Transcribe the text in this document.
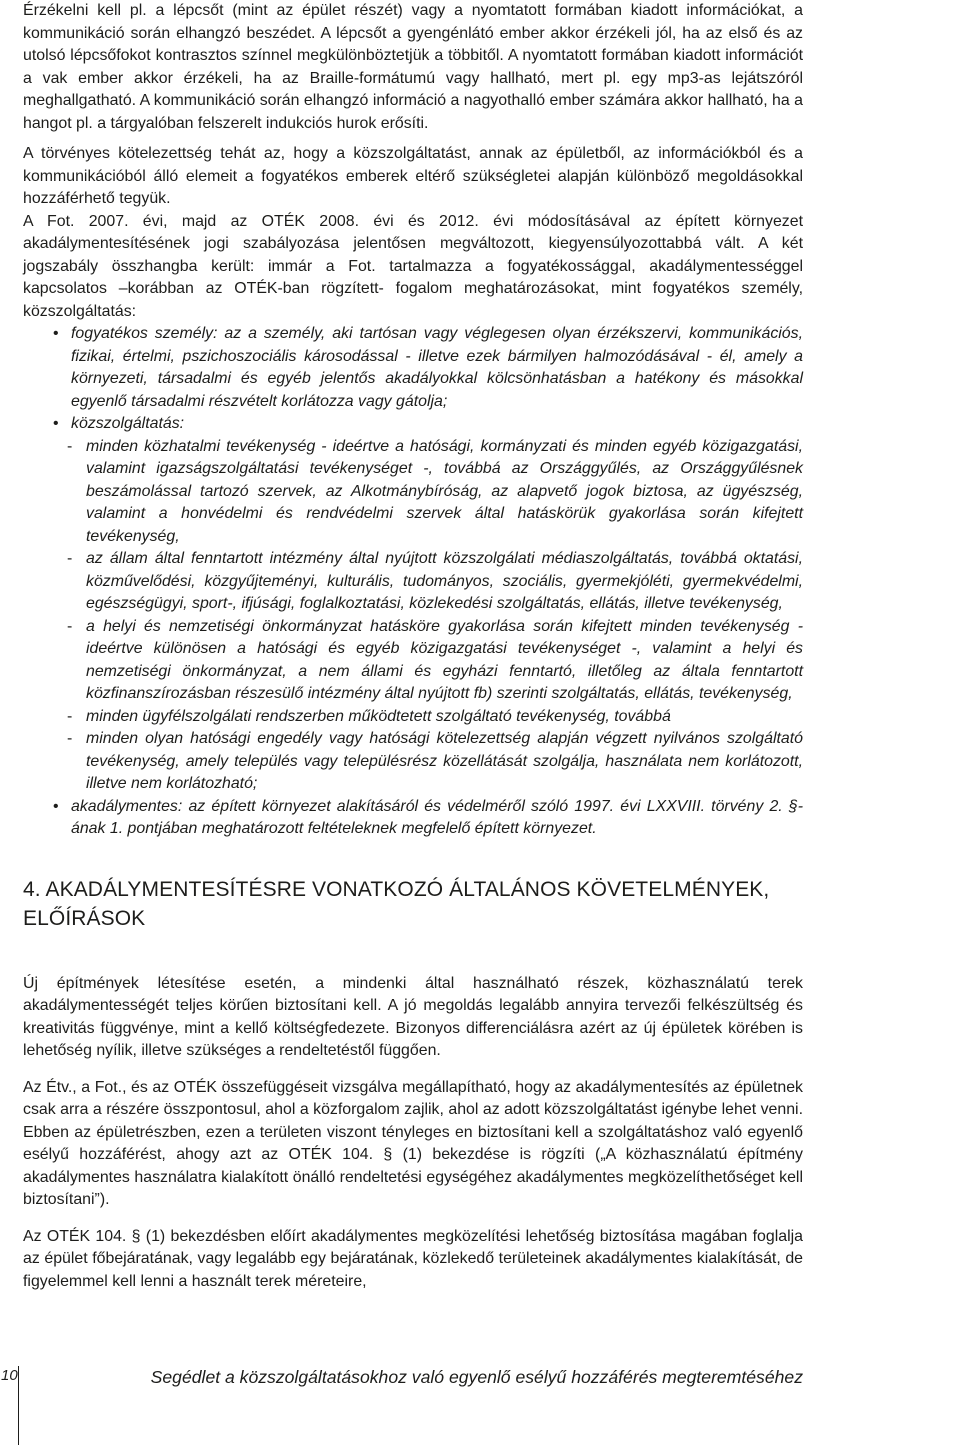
Érzékelni kell pl. a lépcsőt (mint az épület részét) vagy a nyomtatott formában kiadott információkat, a kommunikáció során elhangzó beszédet. A lépcsőt a gyengénlátó ember akkor érzékeli jól, ha az első és az utolsó lépcsőfokot kontrasztos színnel megkülönböztetjük a többitől. A nyomtatott formában kiadott információt a vak ember akkor érzékeli, ha az Braille-formátumú vagy hallható, mert pl. egy mp3-as lejátszóról meghallgatható. A kommunikáció során elhangzó információ a nagyothalló ember számára akkor hallható, ha a hangot pl. a tárgyalóban felszerelt indukciós hurok erősíti.

A törvényes kötelezettség tehát az, hogy a közszolgáltatást, annak az épületből, az információkból és a kommunikációból álló elemeit a fogyatékos emberek eltérő szükségletei alapján különböző megoldásokkal hozzáférhető tegyük.

A Fot. 2007. évi, majd az OTÉK 2008. évi és 2012. évi módosításával az épített környezet akadálymentesítésének jogi szabályozása jelentősen megváltozott, kiegyensúlyozottabbá vált. A két jogszabály összhangba került: immár a Fot. tartalmazza a fogyatékossággal, akadálymentességgel kapcsolatos –korábban az OTÉK-ban rögzített- fogalom meghatározásokat, mint fogyatékos személy, közszolgáltatás:

• fogyatékos személy: az a személy, aki tartósan vagy véglegesen olyan érzékszervi, kommunikációs, fizikai, értelmi, pszichoszociális károsodással - illetve ezek bármilyen halmozódásával - él, amely a környezeti, társadalmi és egyéb jelentős akadályokkal kölcsönhatásban a hatékony és másokkal egyenlő társadalmi részvételt korlátozza vagy gátolja;
• közszolgáltatás:
- minden közhatalmi tevékenység - ideértve a hatósági, kormányzati és minden egyéb közigazgatási, valamint igazságszolgáltatási tevékenységet -, továbbá az Országgyűlés, az Országgyűlésnek beszámolással tartozó szervek, az Alkotmánybíróság, az alapvető jogok biztosa, az ügyészség, valamint a honvédelmi és rendvédelmi szervek által hatáskörük gyakorlása során kifejtett tevékenység,
- az állam által fenntartott intézmény által nyújtott közszolgálati médiaszolgáltatás, továbbá oktatási, közművelődési, közgyűjteményi, kulturális, tudományos, szociális, gyermekjóléti, gyermekvédelmi, egészségügyi, sport-, ifjúsági, foglalkoztatási, közlekedési szolgáltatás, ellátás, illetve tevékenység,
- a helyi és nemzetiségi önkormányzat hatásköre gyakorlása során kifejtett minden tevékenység - ideértve különösen a hatósági és egyéb közigazgatási tevékenységet -, valamint a helyi és nemzetiségi önkormányzat, a nem állami és egyházi fenntartó, illetőleg az általa fenntartott közfinanszírozásban részesülő intézmény által nyújtott fb) szerinti szolgáltatás, ellátás, tevékenység,
- minden ügyfélszolgálati rendszerben működtetett szolgáltató tevékenység, továbbá
- minden olyan hatósági engedély vagy hatósági kötelezettség alapján végzett nyilvános szolgáltató tevékenység, amely település vagy településrész közellátását szolgálja, használata nem korlátozott, illetve nem korlátozható;
• akadálymentes: az épített környezet alakításáról és védelméről szóló 1997. évi LXXVIII. törvény 2. §-ának 1. pontjában meghatározott feltételeknek megfelelő épített környezet.
4. AKADÁLYMENTESÍTÉSRE VONATKOZÓ ÁLTALÁNOS KÖVETELMÉNYEK, ELŐÍRÁSOK

Új építmények létesítése esetén, a mindenki által használható részek, közhasználatú terek akadálymentességét teljes körűen biztosítani kell. A jó megoldás legalább annyira tervezői felkészültség és kreativitás függvénye, mint a kellő költségfedezete. Bizonyos differenciálásra azért az új épületek körében is lehetőség nyílik, illetve szükséges a rendeltetéstől függően.

Az Étv., a Fot., és az OTÉK összefüggéseit vizsgálva megállapítható, hogy az akadálymentesítés az épületnek csak arra a részére összpontosul, ahol a közforgalom zajlik, ahol az adott közszolgáltatást igénybe lehet venni. Ebben az épületrészben, ezen a területen viszont tényleges en biztosítani kell a szolgáltatáshoz való egyenlő esélyű hozzáférést, ahogy azt az OTÉK 104. § (1) bekezdése is rögzíti („A közhasználatú építmény akadálymentes használatra kialakított önálló rendeltetési egységéhez akadálymentes megközelíthetőséget kell biztosítani”).

Az OTÉK 104. § (1) bekezdésben előírt akadálymentes megközelítési lehetőség biztosítása magában foglalja az épület főbejáratának, vagy legalább egy bejáratának, közlekedő területeinek akadálymentes kialakítását, de figyelemmel kell lenni a használt terek méreteire,

10	Segédlet a közszolgáltatásokhoz való egyenlő esélyű hozzáférés megteremtéséhez
